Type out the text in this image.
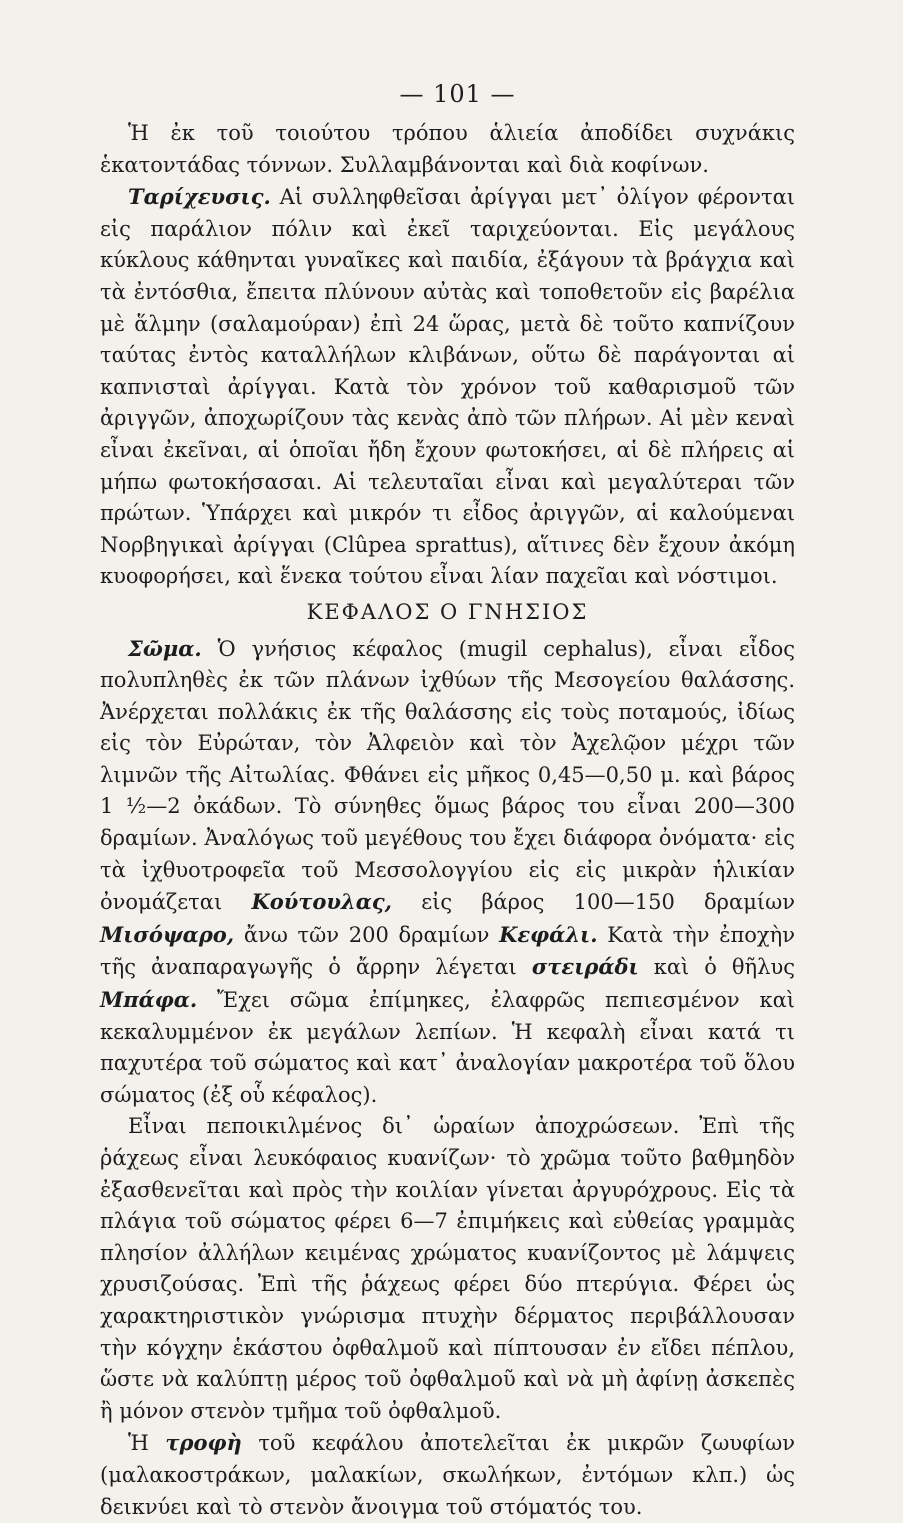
— 101 —

Ἡ ἐκ τοῦ τοιούτου τρόπου ἁλιεία ἀποδίδει συχνάκις ἑκατοντάδας τόννων. Συλλαμβάνονται καὶ διὰ κοφίνων.

Ταρίχευσις. Αἱ συλληφθεῖσαι ἀρίγγαι μετ᾽ ὀλίγον φέρονται εἰς παράλιον πόλιν καὶ ἐκεῖ ταριχεύονται. Εἰς μεγάλους κύκλους κάθηνται γυναῖκες καὶ παιδία, ἐξάγουν τὰ βράγχια καὶ τὰ ἐντόσθια, ἔπειτα πλύνουν αὐτὰς καὶ τοποθετοῦν εἰς βαρέλια μὲ ἅλμην (σαλαμούραν) ἐπὶ 24 ὥρας, μετὰ δὲ τοῦτο καπνίζουν ταύτας ἐντὸς καταλλήλων κλιβάνων, οὕτω δὲ παράγονται αἱ καπνισταὶ ἀρίγγαι. Κατὰ τὸν χρόνον τοῦ καθαρισμοῦ τῶν ἀριγγῶν, ἀποχωρίζουν τὰς κενὰς ἀπὸ τῶν πλήρων. Αἱ μὲν κεναὶ εἶναι ἐκεῖναι, αἱ ὁποῖαι ἤδη ἔχουν φωτοκήσει, αἱ δὲ πλήρεις αἱ μήπω φωτοκήσασαι. Αἱ τελευταῖαι εἶναι καὶ μεγαλύτεραι τῶν πρώτων. Ὑπάρχει καὶ μικρόν τι εἶδος ἀριγγῶν, αἱ καλούμεναι Νορβηγικαὶ ἀρίγγαι (Clûpea sprattus), αἵτινες δὲν ἔχουν ἀκόμη κυοφορήσει, καὶ ἕνεκα τούτου εἶναι λίαν παχεῖαι καὶ νόστιμοι.

ΚΕΦΑΛΟΣ Ο ΓΝΗΣΙΟΣ

Σῶμα. Ὁ γνήσιος κέφαλος (mugil cephalus), εἶναι εἶδος πολυπληθὲς ἐκ τῶν πλάνων ἰχθύων τῆς Μεσογείου θαλάσσης. Ἀνέρχεται πολλάκις ἐκ τῆς θαλάσσης εἰς τοὺς ποταμούς, ἰδίως εἰς τὸν Εὐρώταν, τὸν Ἀλφειὸν καὶ τὸν Ἀχελῷον μέχρι τῶν λιμνῶν τῆς Αἰτωλίας. Φθάνει εἰς μῆκος 0,45—0,50 μ. καὶ βάρος 1 ½—2 ὀκάδων. Τὸ σύνηθες ὅμως βάρος του εἶναι 200—300 δραμίων. Ἀναλόγως τοῦ μεγέθους του ἔχει διάφορα ὀνόματα· εἰς τὰ ἰχθυοτροφεῖα τοῦ Μεσσολογγίου εἰς εἰς μικρὰν ἡλικίαν ὀνομάζεται Κούτουλας, εἰς βάρος 100—150 δραμίων Μισόψαρο, ἄνω τῶν 200 δραμίων Κεφάλι. Κατὰ τὴν ἐποχὴν τῆς ἀναπαραγωγῆς ὁ ἄρρην λέγεται στειράδι καὶ ὁ θῆλυς Μπάφα. Ἔχει σῶμα ἐπίμηκες, ἐλαφρῶς πεπιεσμένον καὶ κεκαλυμμένον ἐκ μεγάλων λεπίων. Ἡ κεφαλὴ εἶναι κατά τι παχυτέρα τοῦ σώματος καὶ κατ᾽ ἀναλογίαν μακροτέρα τοῦ ὅλου σώματος (ἐξ οὗ κέφαλος).

Εἶναι πεποικιλμένος δι᾽ ὡραίων ἀποχρώσεων. Ἐπὶ τῆς ῥάχεως εἶναι λευκόφαιος κυανίζων· τὸ χρῶμα τοῦτο βαθμηδὸν ἐξασθενεῖται καὶ πρὸς τὴν κοιλίαν γίνεται ἀργυρόχρους. Εἰς τὰ πλάγια τοῦ σώματος φέρει 6—7 ἐπιμήκεις καὶ εὐθείας γραμμὰς πλησίον ἀλλήλων κειμένας χρώματος κυανίζοντος μὲ λάμψεις χρυσιζούσας. Ἐπὶ τῆς ῥάχεως φέρει δύο πτερύγια. Φέρει ὡς χαρακτηριστικὸν γνώρισμα πτυχὴν δέρματος περιβάλλουσαν τὴν κόγχην ἑκάστου ὀφθαλμοῦ καὶ πίπτουσαν ἐν εἴδει πέπλου, ὥστε νὰ καλύπτῃ μέρος τοῦ ὀφθαλμοῦ καὶ νὰ μὴ ἀφίνῃ ἀσκεπὲς ἢ μόνον στενὸν τμῆμα τοῦ ὀφθαλμοῦ.

Ἡ τροφὴ τοῦ κεφάλου ἀποτελεῖται ἐκ μικρῶν ζωυφίων (μαλακοστράκων, μαλακίων, σκωλήκων, ἐντόμων κλπ.) ὡς δεικνύει καὶ τὸ στενὸν ἄνοιγμα τοῦ στόματός του.
